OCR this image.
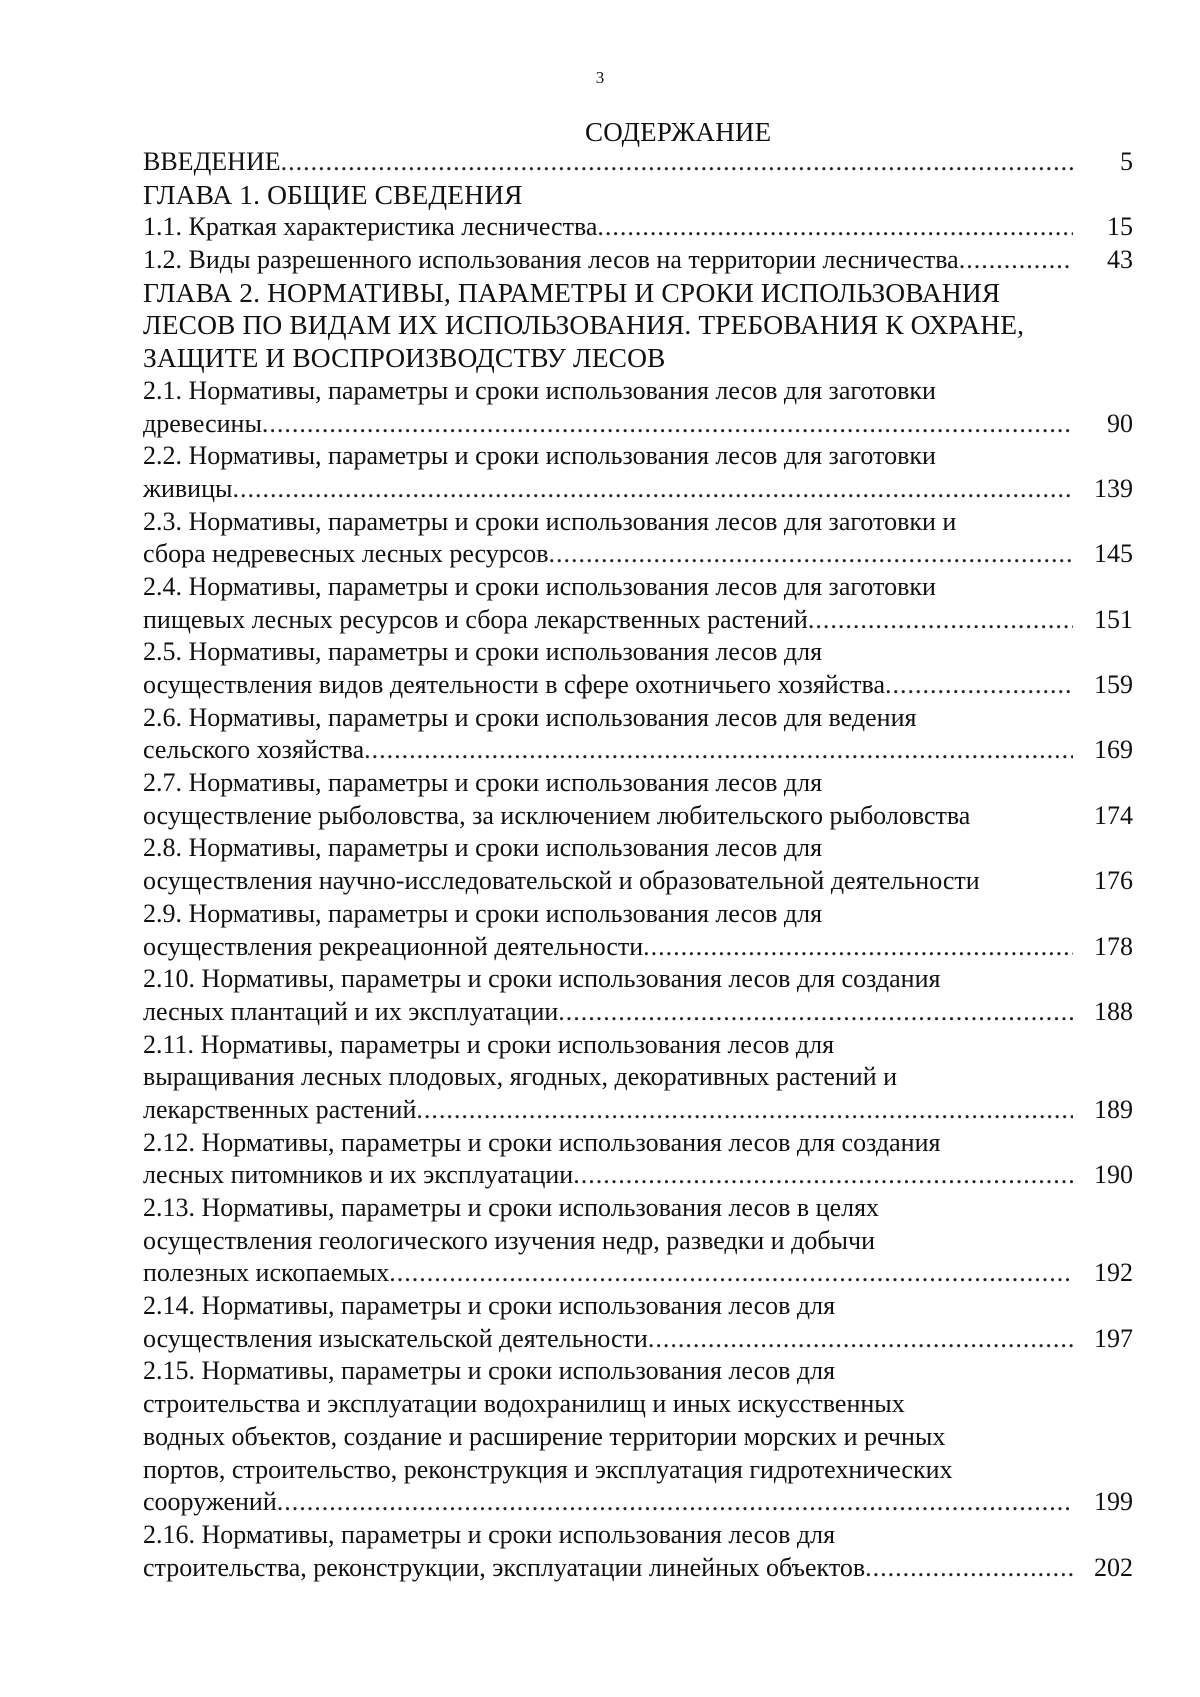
3
СОДЕРЖАНИЕ
ВВЕДЕНИЕ .....	5
ГЛАВА 1. ОБЩИЕ СВЕДЕНИЯ
1.1. Краткая характеристика лесничества .....	15
1.2. Виды разрешенного использования лесов на территории лесничества .....	43
ГЛАВА 2. НОРМАТИВЫ, ПАРАМЕТРЫ И СРОКИ ИСПОЛЬЗОВАНИЯ
ЛЕСОВ ПО ВИДАМ ИХ ИСПОЛЬЗОВАНИЯ. ТРЕБОВАНИЯ К ОХРАНЕ,
ЗАЩИТЕ И ВОСПРОИЗВОДСТВУ ЛЕСОВ
2.1. Нормативы, параметры и сроки использования лесов для заготовки
древесины .....	90
2.2. Нормативы, параметры и сроки использования лесов для заготовки
живицы .....	139
2.3. Нормативы, параметры и сроки использования лесов для заготовки и
сбора недревесных лесных ресурсов .....	145
2.4. Нормативы, параметры и сроки использования лесов для заготовки
пищевых лесных ресурсов и сбора лекарственных растений .....	151
2.5. Нормативы, параметры и сроки использования лесов для
осуществления видов деятельности в сфере охотничьего хозяйства .....	159
2.6. Нормативы, параметры и сроки использования лесов для ведения
сельского хозяйства .....	169
2.7. Нормативы, параметры и сроки использования лесов для
осуществление рыболовства, за исключением любительского рыболовства	174
2.8. Нормативы, параметры и сроки использования лесов для
осуществления научно-исследовательской и образовательной деятельности	176
2.9. Нормативы, параметры и сроки использования лесов для
осуществления рекреационной деятельности .....	178
2.10. Нормативы, параметры и сроки использования лесов для создания
лесных плантаций и их эксплуатации .....	188
2.11. Нормативы, параметры и сроки использования лесов для
выращивания лесных плодовых, ягодных, декоративных растений и
лекарственных растений .....	189
2.12. Нормативы, параметры и сроки использования лесов для создания
лесных питомников и их эксплуатации .....	190
2.13. Нормативы, параметры и сроки использования лесов в целях
осуществления геологического изучения недр, разведки и добычи
полезных ископаемых .....	192
2.14. Нормативы, параметры и сроки использования лесов для
осуществления изыскательской деятельности .....	197
2.15. Нормативы, параметры и сроки использования лесов для
строительства и эксплуатации водохранилищ и иных искусственных
водных объектов, создание и расширение территории морских и речных
портов, строительство, реконструкция и эксплуатация гидротехнических
сооружений .....	199
2.16. Нормативы, параметры и сроки использования лесов для
строительства, реконструкции, эксплуатации линейных объектов .....	202
